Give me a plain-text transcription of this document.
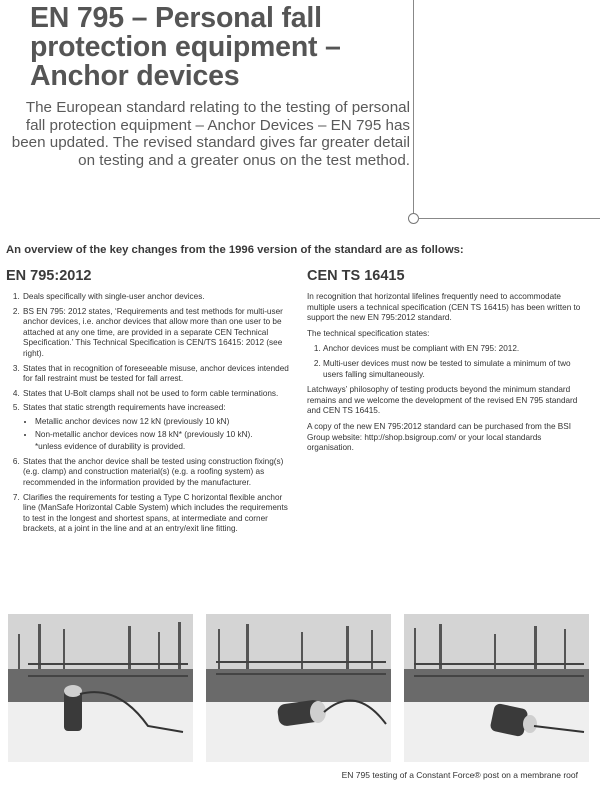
EN 795 – Personal fall protection equipment – Anchor devices
The European standard relating to the testing of personal fall protection equipment – Anchor Devices – EN 795 has been updated. The revised standard gives far greater detail on testing and a greater onus on the test method.
An overview of the key changes from the 1996 version of the standard are as follows:
EN 795:2012	CEN TS 16415
1. Deals specifically with single-user anchor devices.
2. BS EN 795: 2012 states, ‘Requirements and test methods for multi-user anchor devices, i.e. anchor devices that allow more than one user to be attached at any one time, are provided in a separate CEN Technical Specification.’ This Technical Specification is CEN/TS 16415: 2012 (see right).
3. States that in recognition of foreseeable misuse, anchor devices intended for fall restraint must be tested for fall arrest.
4. States that U-Bolt clamps shall not be used to form cable terminations.
5. States that static strength requirements have increased:
• Metallic anchor devices now 12 kN (previously 10 kN)
• Non-metallic anchor devices now 18 kN* (previously 10 kN).
*unless evidence of durability is provided.
6. States that the anchor device shall be tested using construction fixing(s) (e.g. clamp) and construction material(s) (e.g. a roofing system) as recommended in the information provided by the manufacturer.
7. Clarifies the requirements for testing a Type C horizontal flexible anchor line (ManSafe Horizontal Cable System) which includes the requirements to test in the longest and shortest spans, at intermediate and corner brackets, at a joint in the line and at an entry/exit line fitting.

In recognition that horizontal lifelines frequently need to accommodate multiple users a technical specification (CEN TS 16415) has been written to support the new EN 795:2012 standard.

The technical specification states:

1. Anchor devices must be compliant with EN 795: 2012.
2. Multi-user devices must now be tested to simulate a minimum of two users falling simultaneously.

Latchways’ philosophy of testing products beyond the minimum standard remains and we welcome the development of the revised EN 795 standard and CEN TS 16415.

A copy of the new EN 795:2012 standard can be purchased from the BSI Group website: http://shop.bsigroup.com/ or your local standards organisation.

EN 795 testing of a Constant Force® post on a membrane roof
